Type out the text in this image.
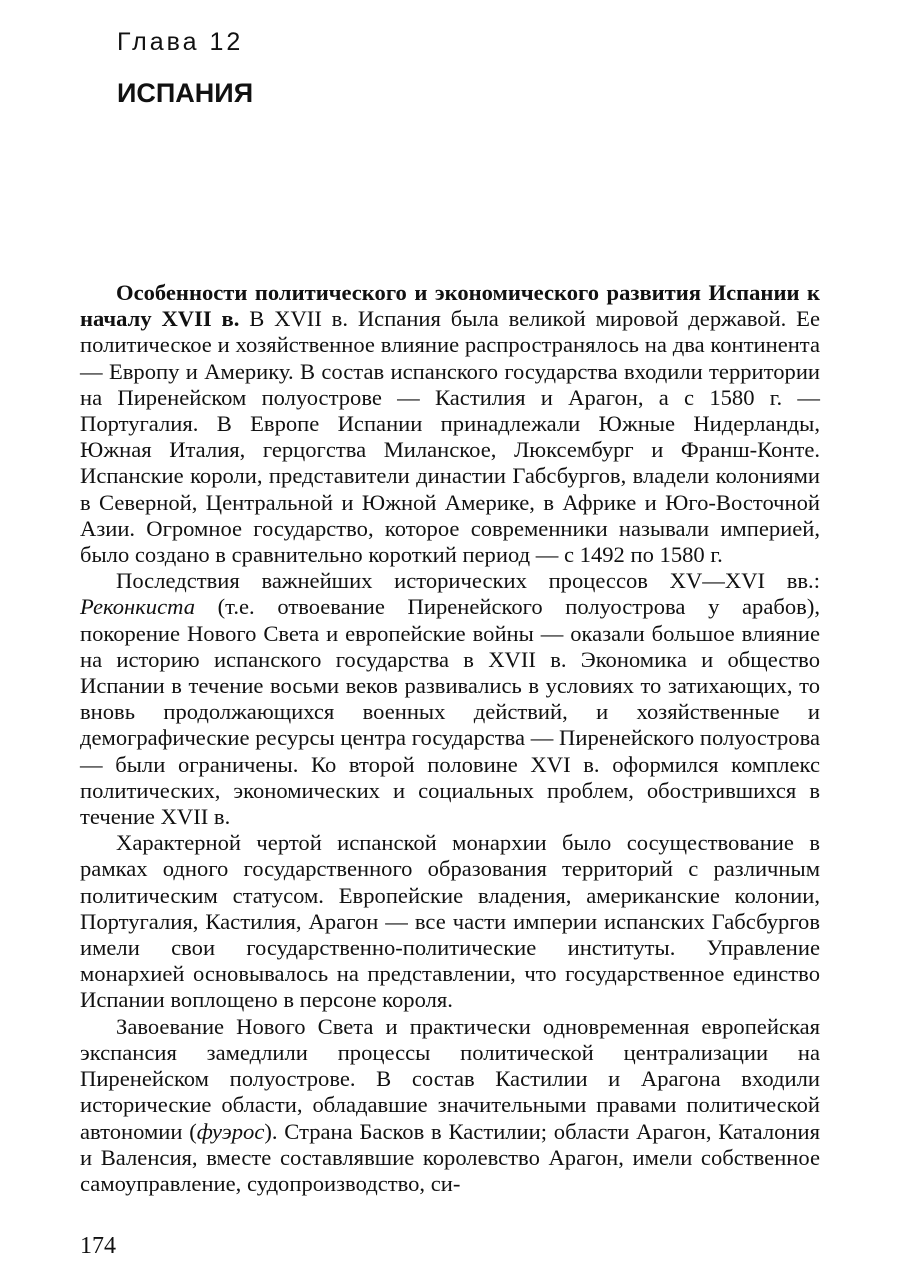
Глава 12
ИСПАНИЯ

Особенности политического и экономического развития Испании к началу XVII в. В XVII в. Испания была великой мировой державой. Ее политическое и хозяйственное влияние распространялось на два континента — Европу и Америку. В состав испанского государства входили территории на Пиренейском полуострове — Кастилия и Арагон, а с 1580 г. — Португалия. В Европе Испании принадлежали Южные Нидерланды, Южная Италия, герцогства Миланское, Люксембург и Франш-Конте. Испанские короли, представители династии Габсбургов, владели колониями в Северной, Центральной и Южной Америке, в Африке и Юго-Восточной Азии. Огромное государство, которое современники называли империей, было создано в сравнительно короткий период — с 1492 по 1580 г.

Последствия важнейших исторических процессов XV—XVI вв.: Реконкиста (т.е. отвоевание Пиренейского полуострова у арабов), покорение Нового Света и европейские войны — оказали большое влияние на историю испанского государства в XVII в. Экономика и общество Испании в течение восьми веков развивались в условиях то затихающих, то вновь продолжающихся военных действий, и хозяйственные и демографические ресурсы центра государства — Пиренейского полуострова — были ограничены. Ко второй половине XVI в. оформился комплекс политических, экономических и социальных проблем, обострившихся в течение XVII в.

Характерной чертой испанской монархии было сосуществование в рамках одного государственного образования территорий с различным политическим статусом. Европейские владения, американские колонии, Португалия, Кастилия, Арагон — все части империи испанских Габсбургов имели свои государственно-политические институты. Управление монархией основывалось на представлении, что государственное единство Испании воплощено в персоне короля.

Завоевание Нового Света и практически одновременная европейская экспансия замедлили процессы политической централизации на Пиренейском полуострове. В состав Кастилии и Арагона входили исторические области, обладавшие значительными правами политической автономии (фуэрос). Страна Басков в Кастилии; области Арагон, Каталония и Валенсия, вместе составлявшие королевство Арагон, имели собственное самоуправление, судопроизводство, си-

174
